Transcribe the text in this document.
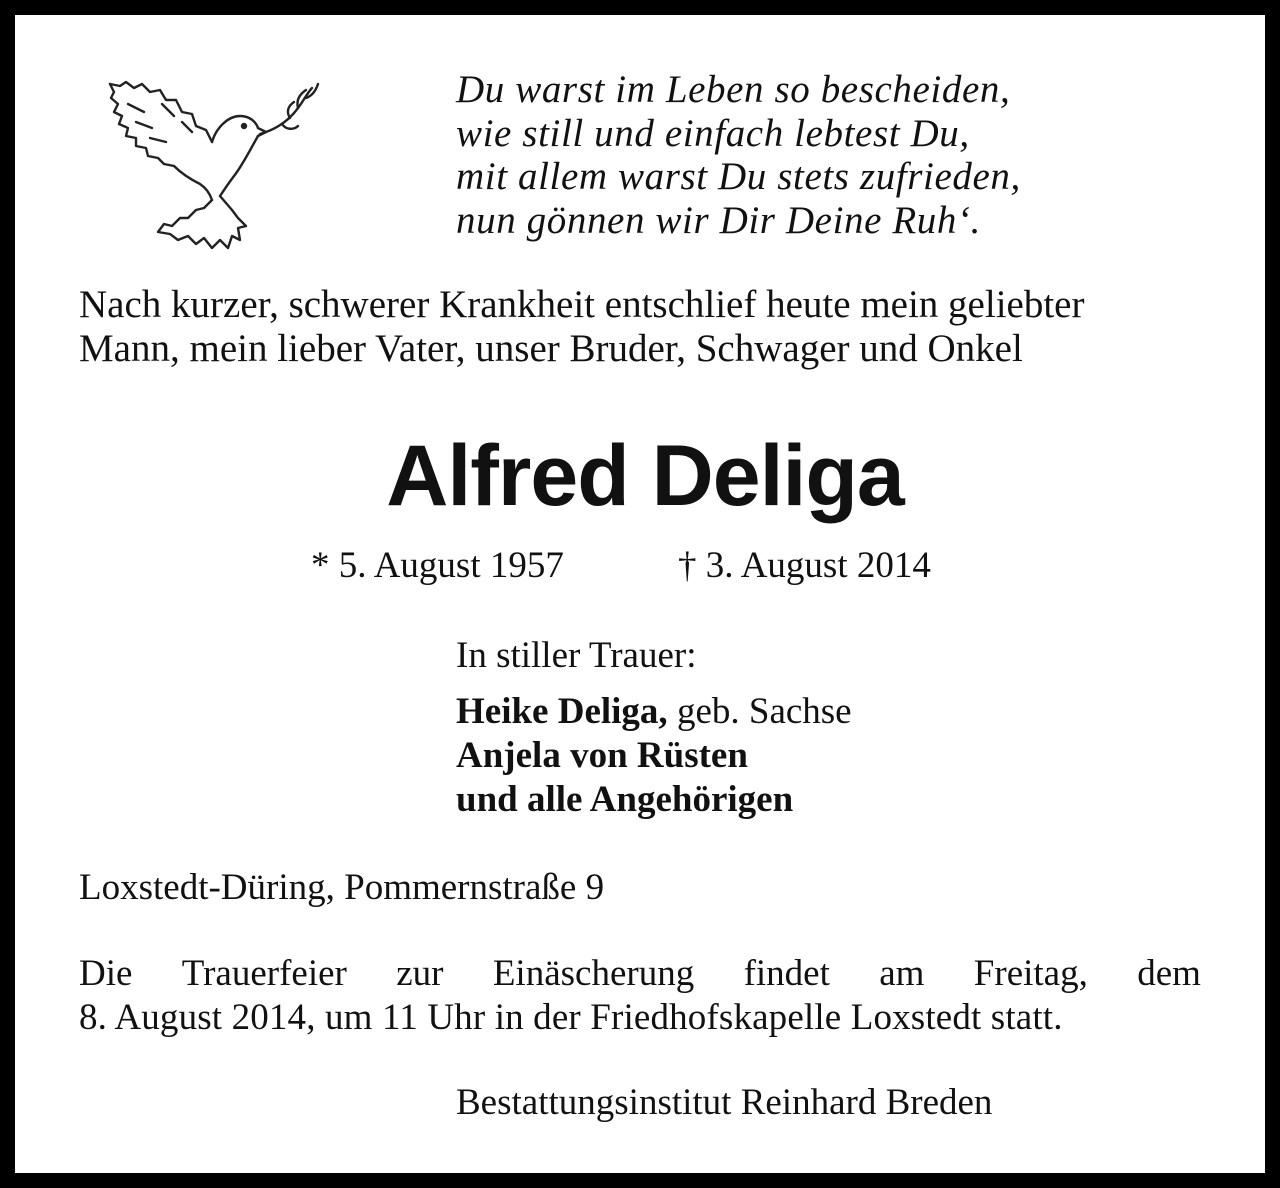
Du warst im Leben so bescheiden,
wie still und einfach lebtest Du,
mit allem warst Du stets zufrieden,
nun gönnen wir Dir Deine Ruh‘.
Nach kurzer, schwerer Krankheit entschlief heute mein geliebter
Mann, mein lieber Vater, unser Bruder, Schwager und Onkel
Alfred Deliga
* 5. August 1957	† 3. August 2014
In stiller Trauer:
Heike Deliga, geb. Sachse
Anjela von Rüsten
und alle Angehörigen
Loxstedt-Düring, Pommernstraße 9
Die Trauerfeier zur Einäscherung findet am Freitag, dem
8. August 2014, um 11 Uhr in der Friedhofskapelle Loxstedt statt.
Bestattungsinstitut Reinhard Breden
